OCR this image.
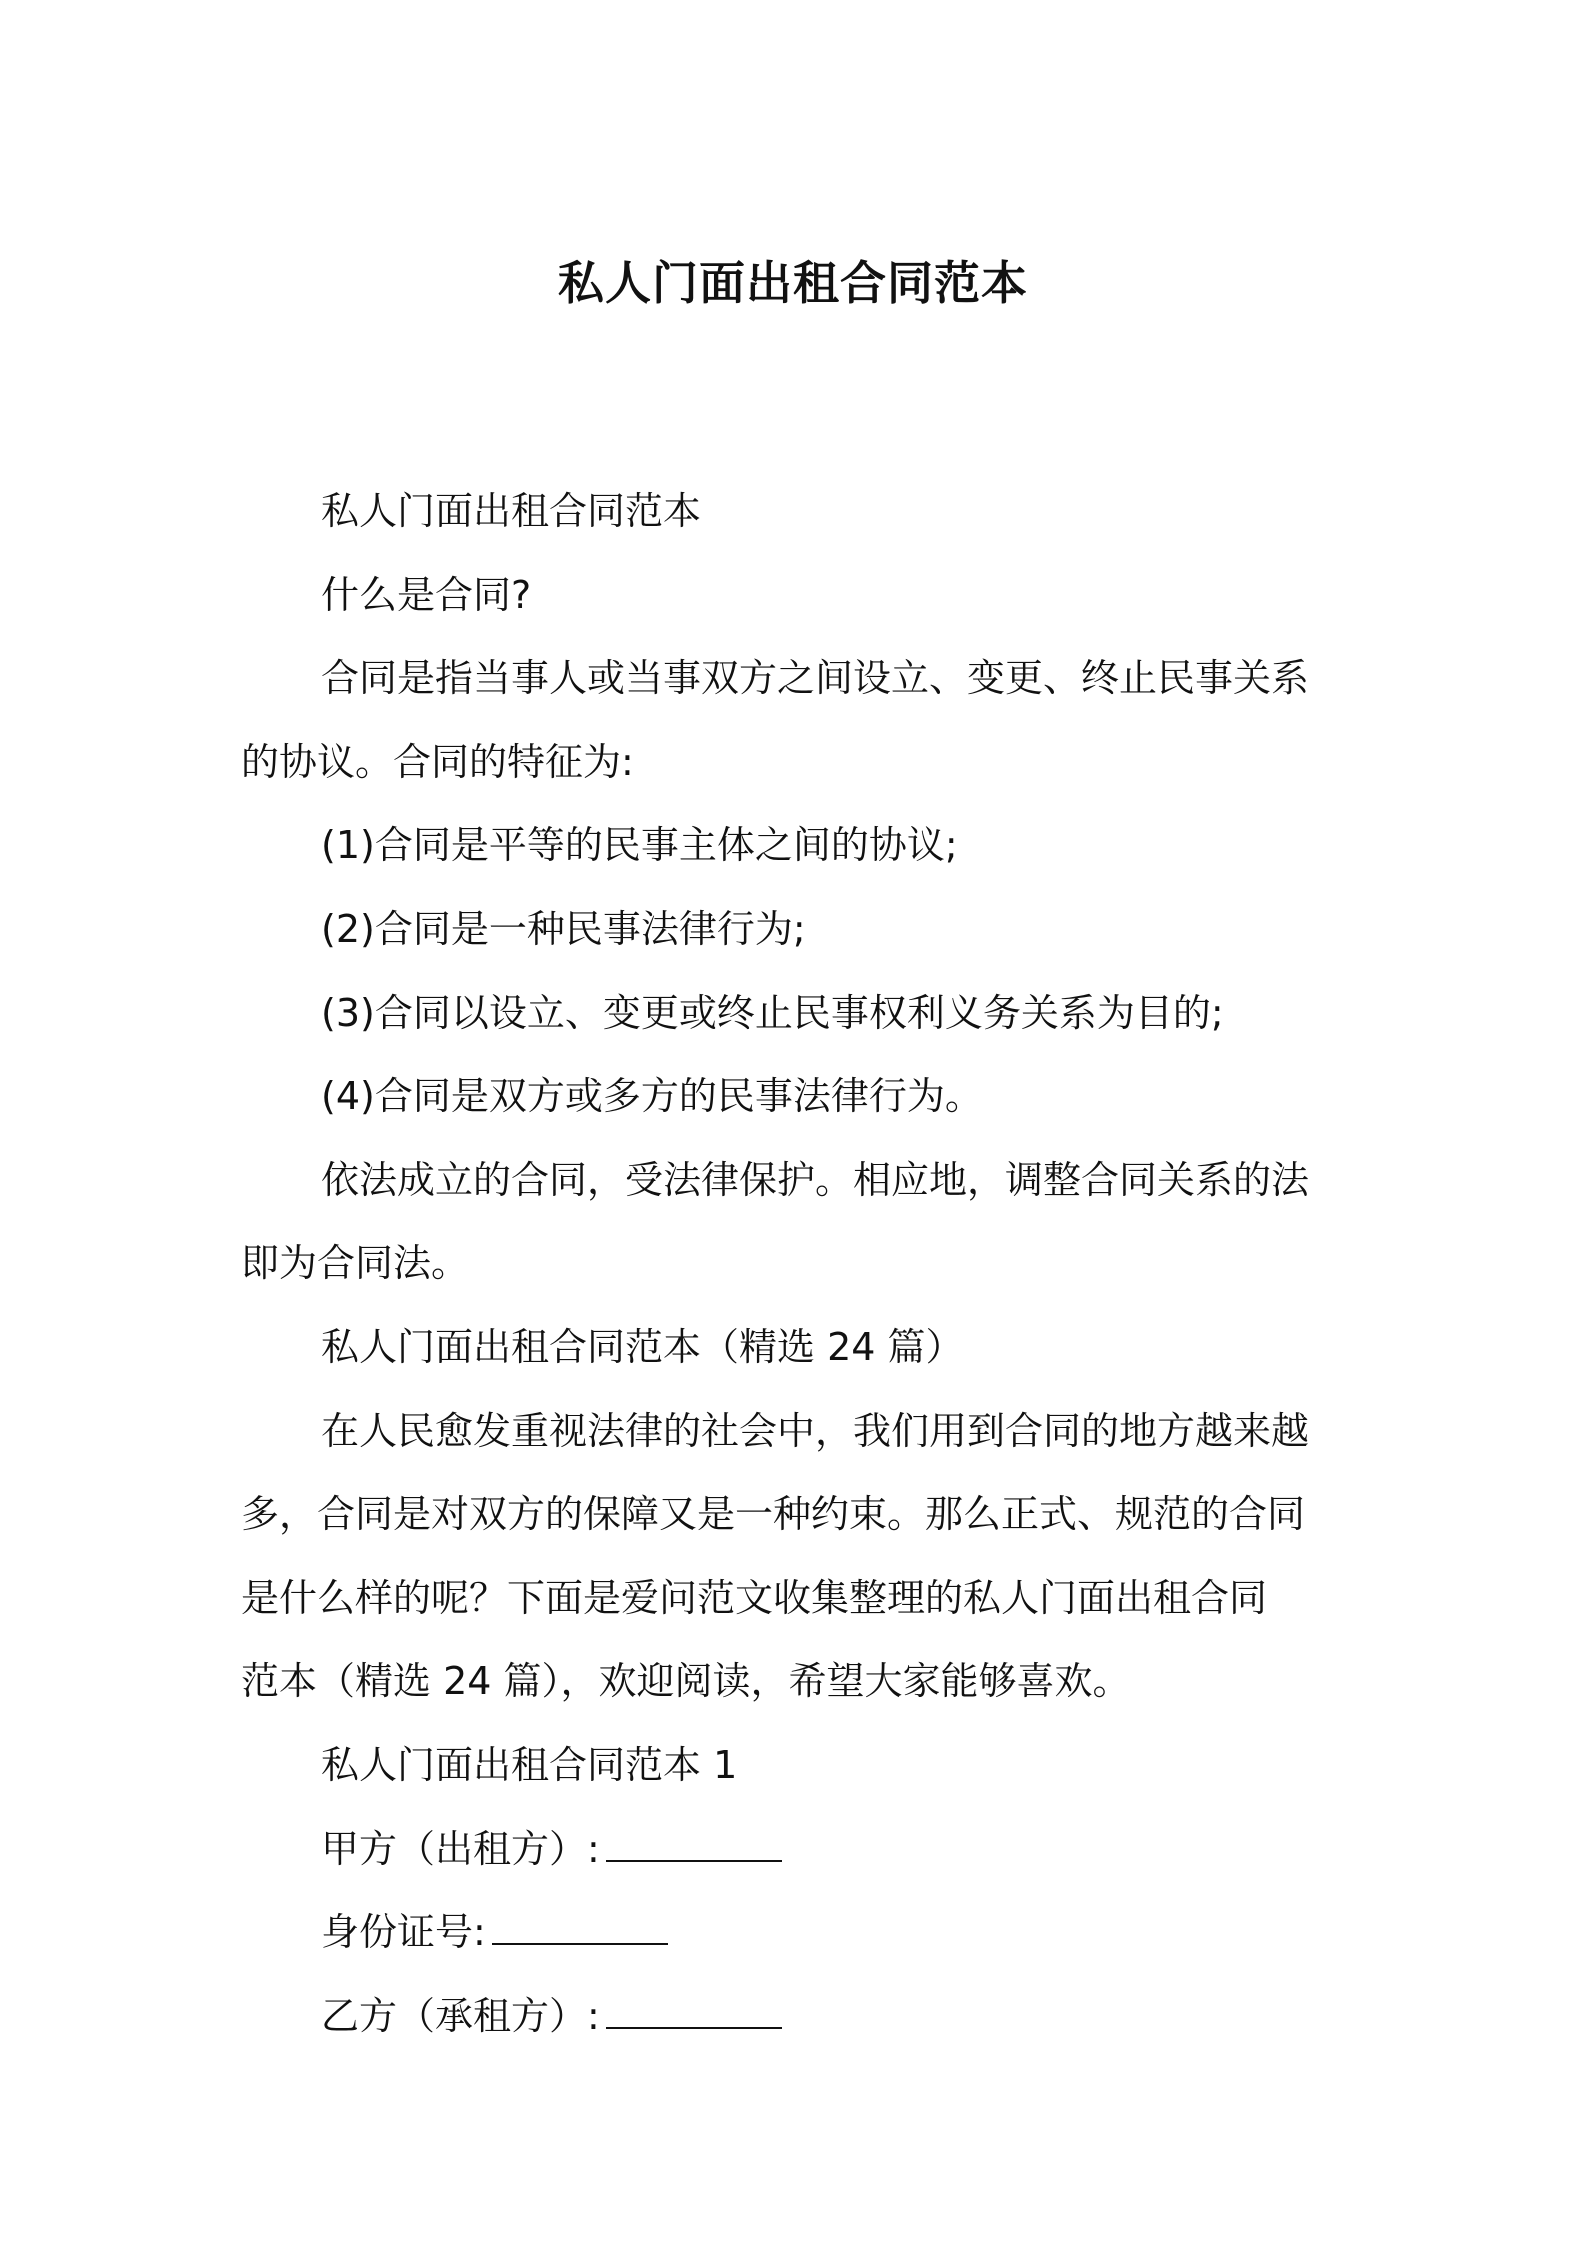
私人门面出租合同范本
私人门面出租合同范本
什么是合同?
合同是指当事人或当事双方之间设立、变更、终止民事关系
的协议。合同的特征为:
(1)合同是平等的民事主体之间的协议;
(2)合同是一种民事法律行为;
(3)合同以设立、变更或终止民事权利义务关系为目的;
(4)合同是双方或多方的民事法律行为。
依法成立的合同，受法律保护。相应地，调整合同关系的法
即为合同法。
私人门面出租合同范本（精选 24 篇）
在人民愈发重视法律的社会中，我们用到合同的地方越来越
多，合同是对双方的保障又是一种约束。那么正式、规范的合同
是什么样的呢？下面是爱问范文收集整理的私人门面出租合同
范本（精选 24 篇），欢迎阅读，希望大家能够喜欢。
私人门面出租合同范本 1
甲方（出租方）:
身份证号:
乙方（承租方）:
